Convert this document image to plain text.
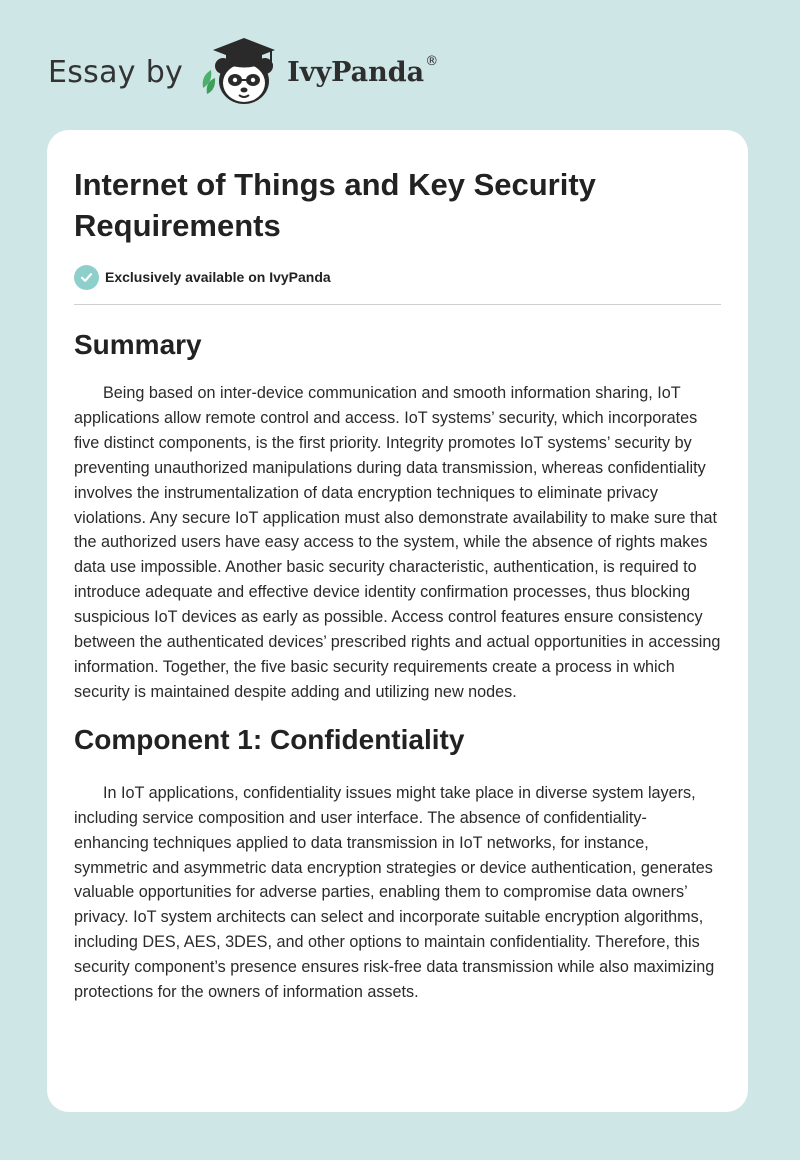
Essay by	IvyPanda ®
Internet of Things and Key Security Requirements
Exclusively available on IvyPanda
Summary

Being based on inter-device communication and smooth information sharing, IoT applications allow remote control and access. IoT systems’ security, which incorporates five distinct components, is the first priority. Integrity promotes IoT systems’ security by preventing unauthorized manipulations during data transmission, whereas confidentiality involves the instrumentalization of data encryption techniques to eliminate privacy violations. Any secure IoT application must also demonstrate availability to make sure that the authorized users have easy access to the system, while the absence of rights makes data use impossible. Another basic security characteristic, authentication, is required to introduce adequate and effective device identity confirmation processes, thus blocking suspicious IoT devices as early as possible. Access control features ensure consistency between the authenticated devices’ prescribed rights and actual opportunities in accessing information. Together, the five basic security requirements create a process in which security is maintained despite adding and utilizing new nodes.

Component 1: Confidentiality

In IoT applications, confidentiality issues might take place in diverse system layers, including service composition and user interface. The absence of confidentiality-enhancing techniques applied to data transmission in IoT networks, for instance, symmetric and asymmetric data encryption strategies or device authentication, generates valuable opportunities for adverse parties, enabling them to compromise data owners’ privacy. IoT system architects can select and incorporate suitable encryption algorithms, including DES, AES, 3DES, and other options to maintain confidentiality. Therefore, this security component’s presence ensures risk-free data transmission while also maximizing protections for the owners of information assets.
